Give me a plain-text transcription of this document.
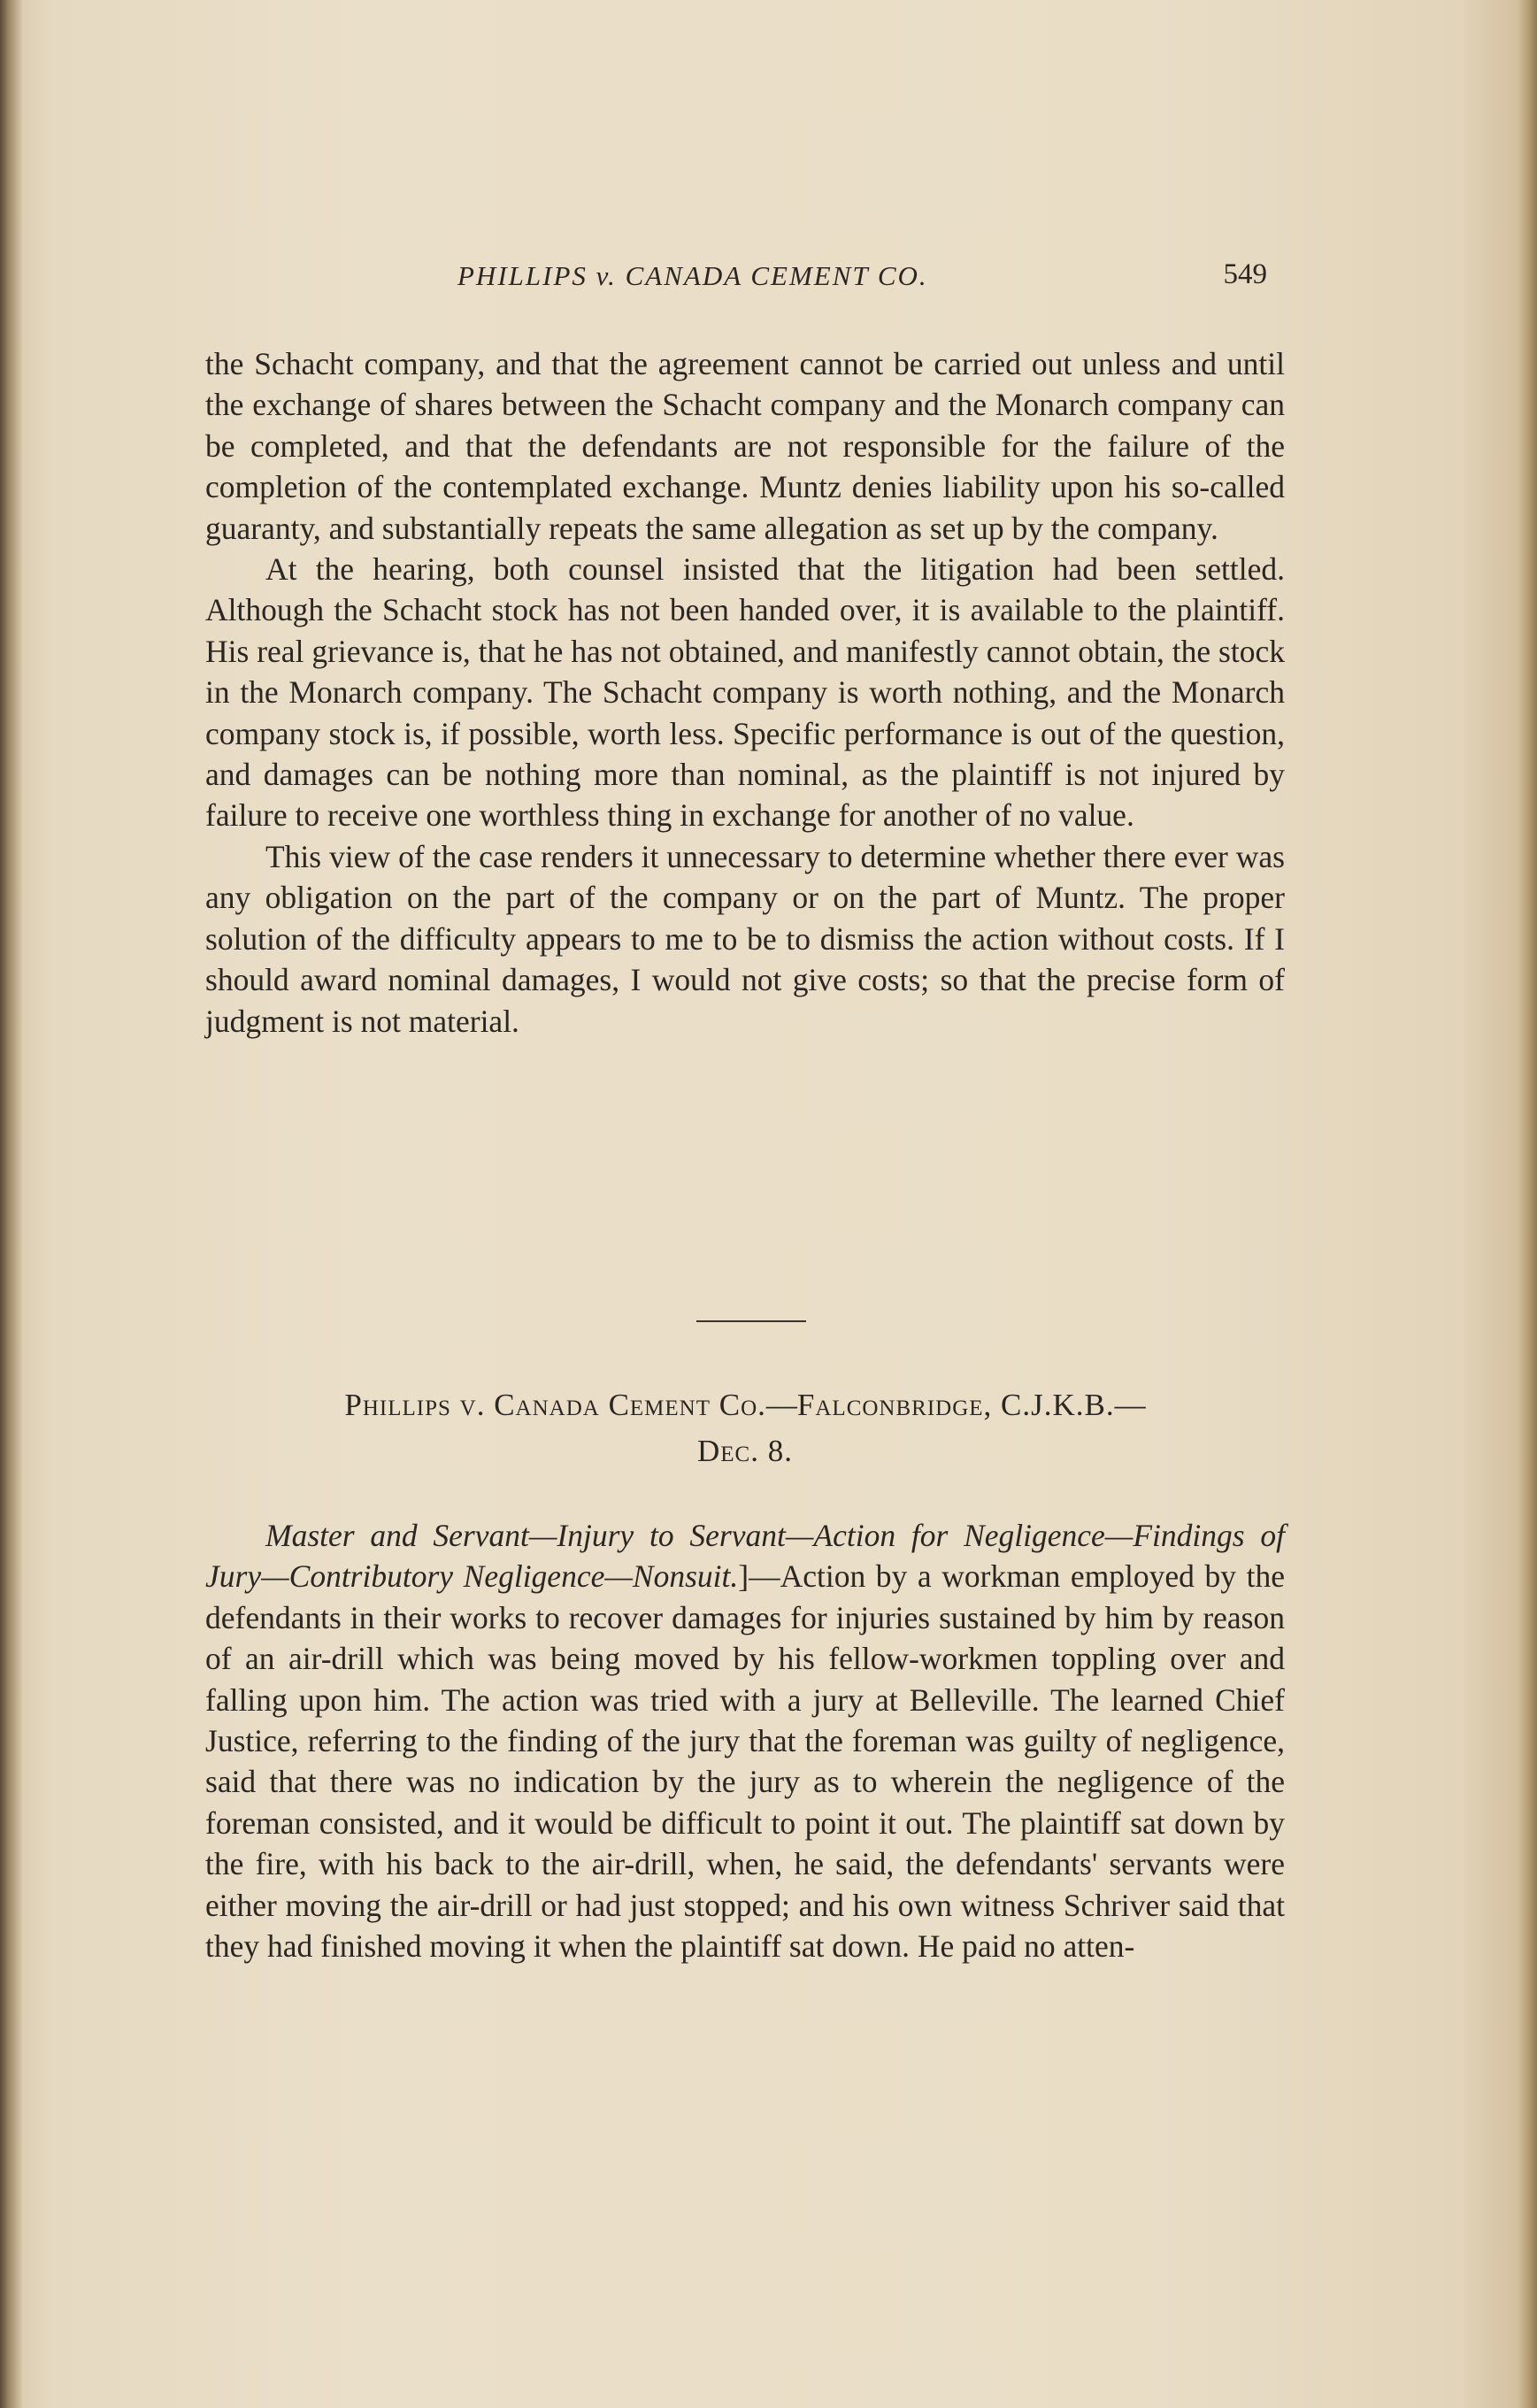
PHILLIPS v. CANADA CEMENT CO.	549

the Schacht company, and that the agreement cannot be carried out unless and until the exchange of shares between the Schacht company and the Monarch company can be completed, and that the defendants are not responsible for the failure of the completion of the contemplated exchange. Muntz denies liability upon his so-called guaranty, and substantially repeats the same allegation as set up by the company.

At the hearing, both counsel insisted that the litigation had been settled. Although the Schacht stock has not been handed over, it is available to the plaintiff. His real grievance is, that he has not obtained, and manifestly cannot obtain, the stock in the Monarch company. The Schacht company is worth nothing, and the Monarch company stock is, if possible, worth less. Specific performance is out of the question, and damages can be nothing more than nominal, as the plaintiff is not injured by failure to receive one worthless thing in exchange for another of no value.

This view of the case renders it unnecessary to determine whether there ever was any obligation on the part of the company or on the part of Muntz. The proper solution of the difficulty appears to me to be to dismiss the action without costs. If I should award nominal damages, I would not give costs; so that the precise form of judgment is not material.

Phillips v. Canada Cement Co.—Falconbridge, C.J.K.B.—
Dec. 8.

Master and Servant—Injury to Servant—Action for Negligence—Findings of Jury—Contributory Negligence—Nonsuit.]—Action by a workman employed by the defendants in their works to recover damages for injuries sustained by him by reason of an air-drill which was being moved by his fellow-workmen toppling over and falling upon him. The action was tried with a jury at Belleville. The learned Chief Justice, referring to the finding of the jury that the foreman was guilty of negligence, said that there was no indication by the jury as to wherein the negligence of the foreman consisted, and it would be difficult to point it out. The plaintiff sat down by the fire, with his back to the air-drill, when, he said, the defendants' servants were either moving the air-drill or had just stopped; and his own witness Schriver said that they had finished moving it when the plaintiff sat down. He paid no atten-
